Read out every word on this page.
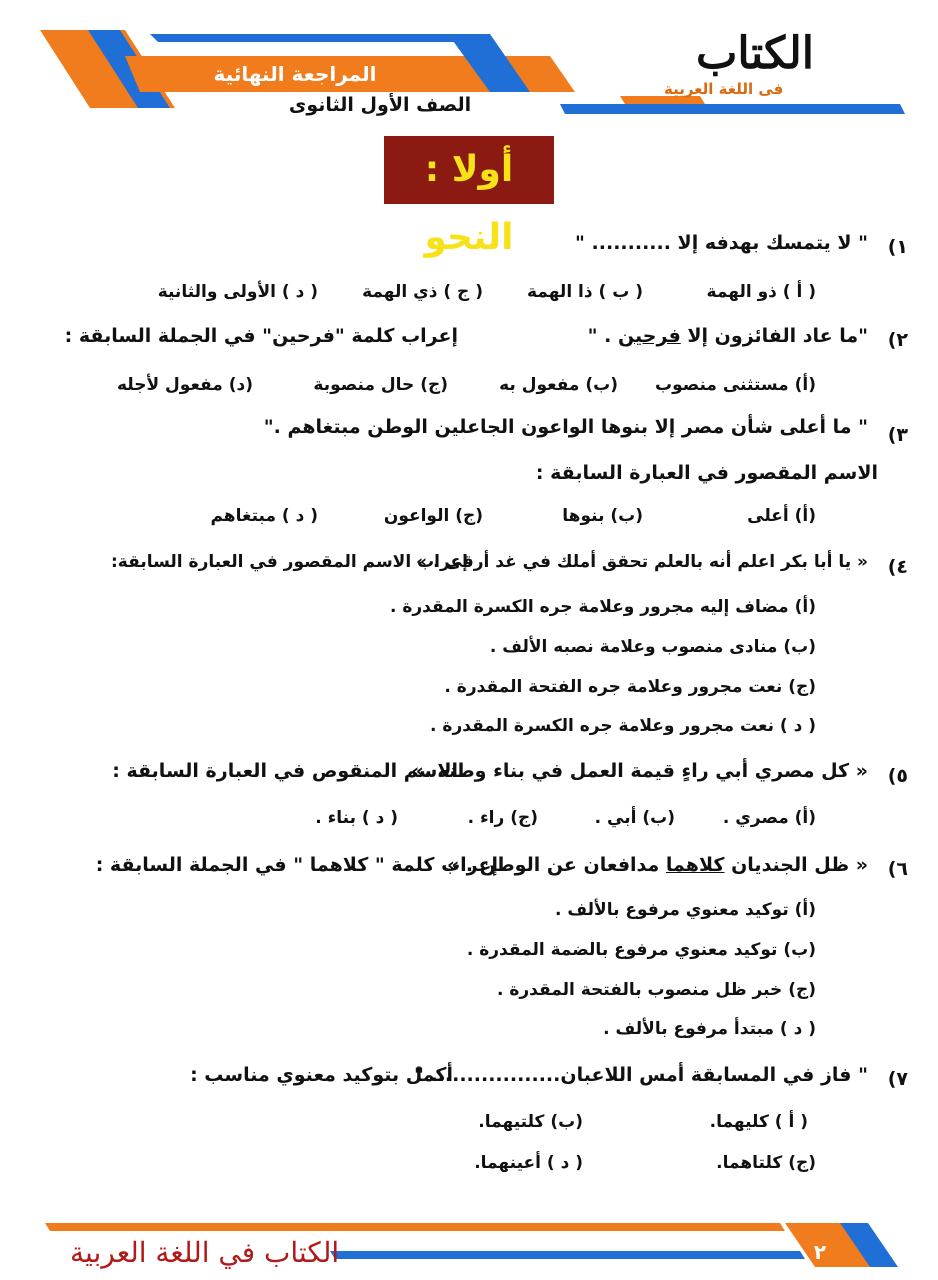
المراجعة النهائية
الصف الأول الثانوى
الكتاب
فى اللغة العربية
أولا : النحو	١)
" لا يتمسك بهدفه إلا ........... "
( أ ) ذو الهمة
( ب ) ذا الهمة
( ج ) ذي الهمة
( د ) الأولى والثانية
٢)
"ما عاد الفائزون إلا فرحين . "
إعراب كلمة "فرحين" في الجملة السابقة :
(أ) مستثنى منصوب
(ب) مفعول به
(ج) حال منصوبة
(د) مفعول لأجله
٣)
" ما أعلى شأن مصر إلا بنوها الواعون الجاعلين الوطن مبتغاهم ."
الاسم المقصور في العبارة السابقة :
(أ) أعلى
(ب) بنوها
(ج) الواعون
( د ) مبتغاهم
٤)
« يا أبا بكر اعلم أنه بالعلم تحقق أملك في غد أرقى . »
إعراب الاسم المقصور في العبارة السابقة:
(أ) مضاف إليه مجرور وعلامة جره الكسرة المقدرة .
(ب) منادى منصوب وعلامة نصبه الألف .
(ج) نعت مجرور وعلامة جره الفتحة المقدرة .
( د ) نعت مجرور وعلامة جره الكسرة المقدرة .
٥)
« كل مصري أبي راءٍ قيمة العمل في بناء وطنه .»
الاسم المنقوص في العبارة السابقة :
(أ) مصري .
(ب) أبي .
(ج) راء .
( د ) بناء .
٦)
« ظل الجنديان كلاهما مدافعان عن الوطن . »
إعراب كلمة " كلاهما " في الجملة السابقة :
(أ) توكيد معنوي مرفوع بالألف .
(ب) توكيد معنوي مرفوع بالضمة المقدرة .
(ج) خبر ظل منصوب بالفتحة المقدرة .
( د ) مبتدأ مرفوع بالألف .
٧)
" فاز في المسابقة أمس اللاعبان.................. "
أكمل بتوكيد معنوي مناسب :
( أ ) كليهما.
(ب) كلتيهما.
(ج) كلتاهما.
( د ) أعينهما.
الكتاب في اللغة العربية	٢
